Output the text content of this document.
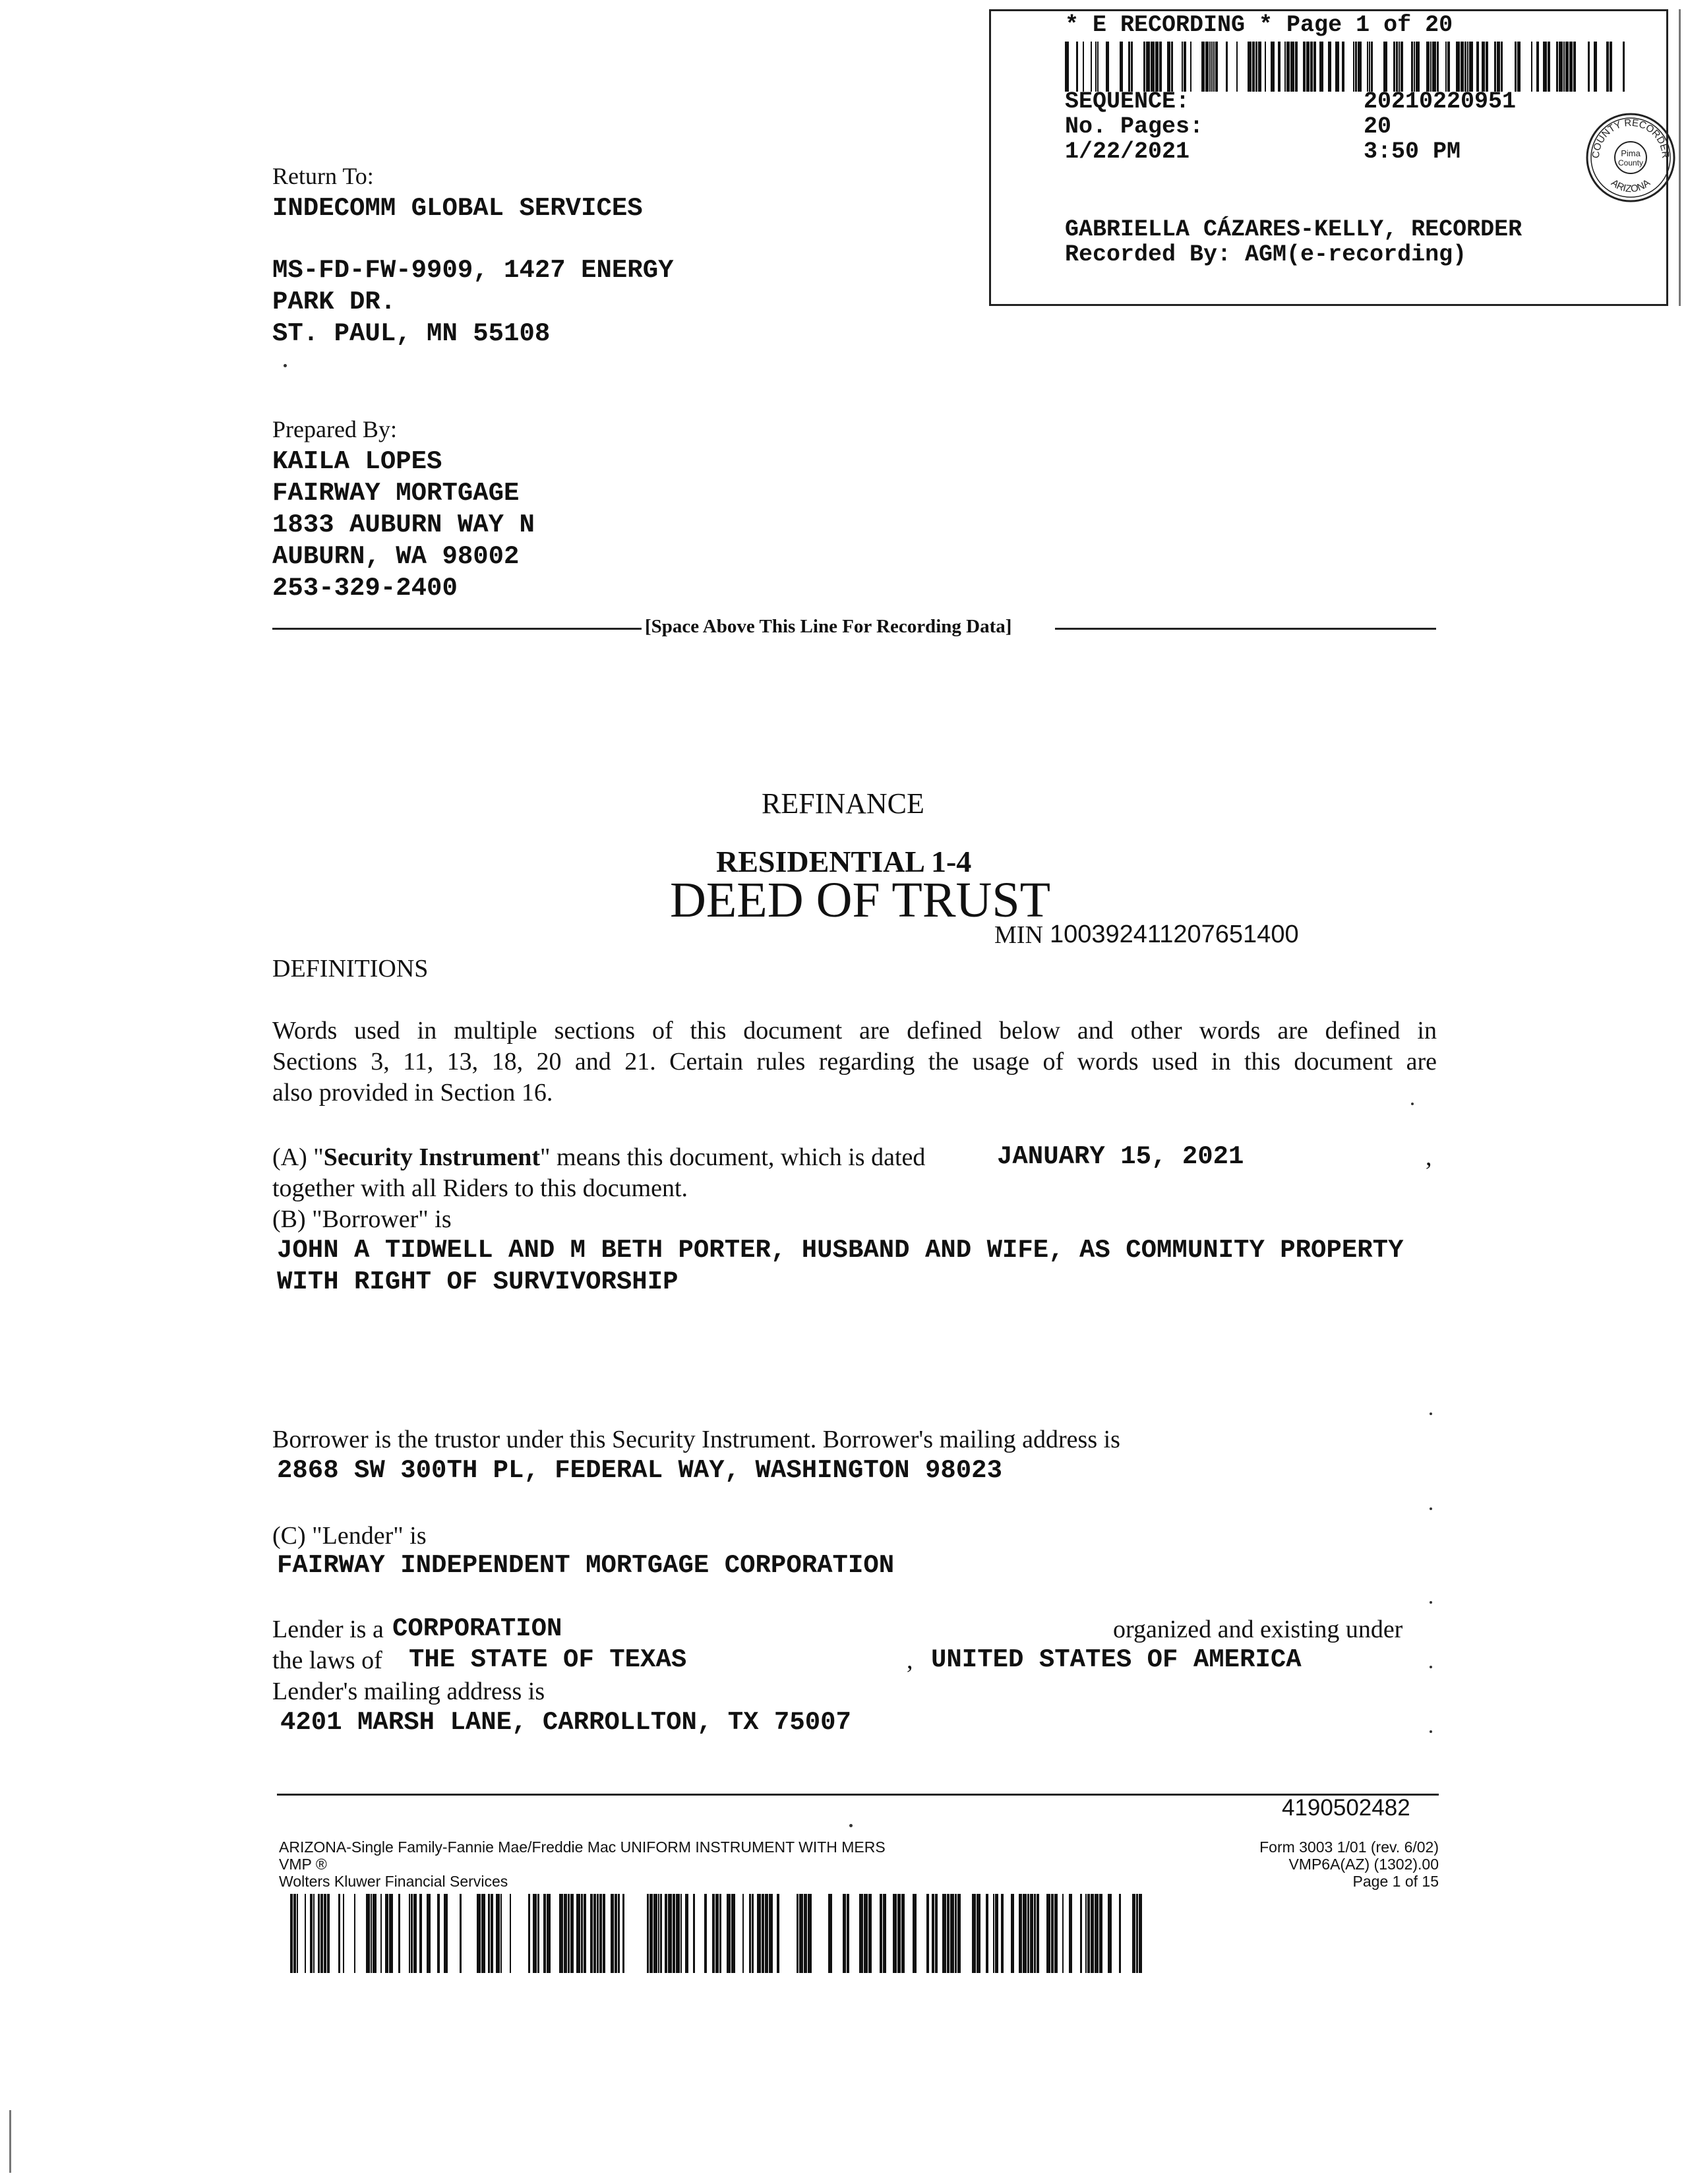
* E RECORDING * Page 1 of 20
SEQUENCE:	20210220951
No. Pages:	20
1/22/2021	3:50 PM	COUNTY RECORDER
ARIZONA
Pima
County
GABRIELLA CÁZARES-KELLY, RECORDER
Recorded By: AGM(e-recording)
Return To:
INDECOMM GLOBAL SERVICES
MS-FD-FW-9909, 1427 ENERGY
PARK DR.
ST. PAUL, MN 55108
Prepared By:
KAILA LOPES
FAIRWAY MORTGAGE
1833 AUBURN WAY N
AUBURN, WA 98002
253-329-2400
[Space Above This Line For Recording Data]
REFINANCE
RESIDENTIAL 1-4
DEED OF TRUST
MIN 100392411207651400
DEFINITIONS
Words used in multiple sections of this document are defined below and other words are defined in
Sections 3, 11, 13, 18, 20 and 21. Certain rules regarding the usage of words used in this document are
also provided in Section 16.
(A) "Security Instrument" means this document, which is dated	JANUARY 15, 2021	,
together with all Riders to this document.
(B) "Borrower" is
JOHN A TIDWELL AND M BETH PORTER, HUSBAND AND WIFE, AS COMMUNITY PROPERTY
WITH RIGHT OF SURVIVORSHIP
Borrower is the trustor under this Security Instrument. Borrower's mailing address is
2868 SW 300TH PL, FEDERAL WAY, WASHINGTON 98023
(C) "Lender" is
FAIRWAY INDEPENDENT MORTGAGE CORPORATION
Lender is a CORPORATION	organized and existing under
the laws of THE STATE OF TEXAS	, UNITED STATES OF AMERICA
Lender's mailing address is
4201 MARSH LANE, CARROLLTON, TX 75007
4190502482
ARIZONA-Single Family-Fannie Mae/Freddie Mac UNIFORM INSTRUMENT WITH MERS
VMP ®
Wolters Kluwer Financial Services
Form 3003 1/01 (rev. 6/02)
VMP6A(AZ) (1302).00
Page 1 of 15
